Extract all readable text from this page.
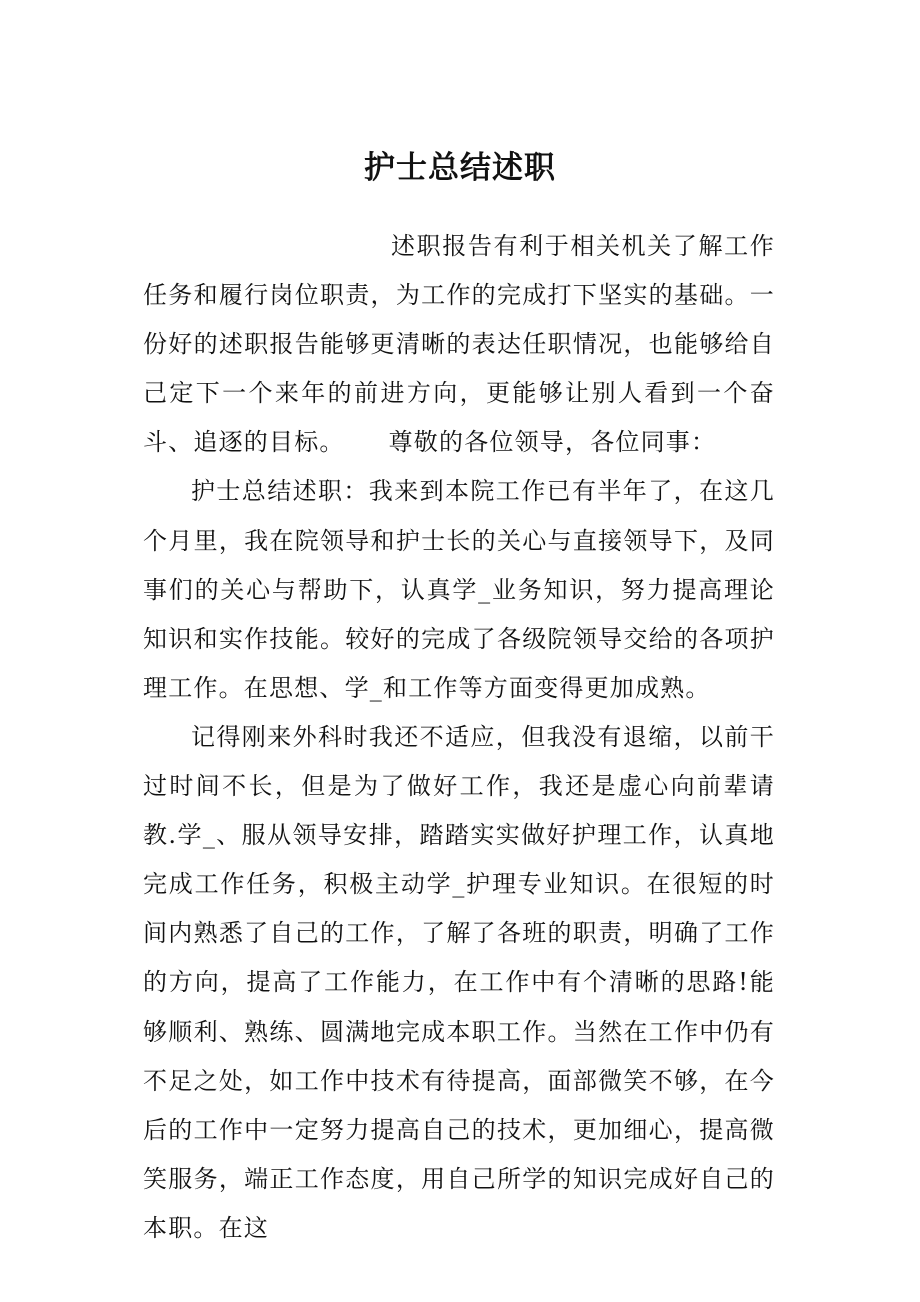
护士总结述职

述职报告有利于相关机关了解工作任务和履行岗位职责，为工作的完成打下坚实的基础。一份好的述职报告能够更清晰的表达任职情况，也能够给自己定下一个来年的前进方向，更能够让别人看到一个奋斗、追逐的目标。 尊敬的各位领导，各位同事：

护士总结述职：我来到本院工作已有半年了，在这几个月里，我在院领导和护士长的关心与直接领导下，及同事们的关心与帮助下，认真学_业务知识，努力提高理论知识和实作技能。较好的完成了各级院领导交给的各项护理工作。在思想、学_和工作等方面变得更加成熟。

记得刚来外科时我还不适应，但我没有退缩，以前干过时间不长，但是为了做好工作，我还是虚心向前辈请教.学_、服从领导安排，踏踏实实做好护理工作，认真地完成工作任务，积极主动学_护理专业知识。在很短的时间内熟悉了自己的工作，了解了各班的职责，明确了工作的方向，提高了工作能力，在工作中有个清晰的思路!能够顺利、熟练、圆满地完成本职工作。当然在工作中仍有不足之处，如工作中技术有待提高，面部微笑不够，在今后的工作中一定努力提高自己的技术，更加细心，提高微笑服务，端正工作态度，用自己所学的知识完成好自己的本职。在这
